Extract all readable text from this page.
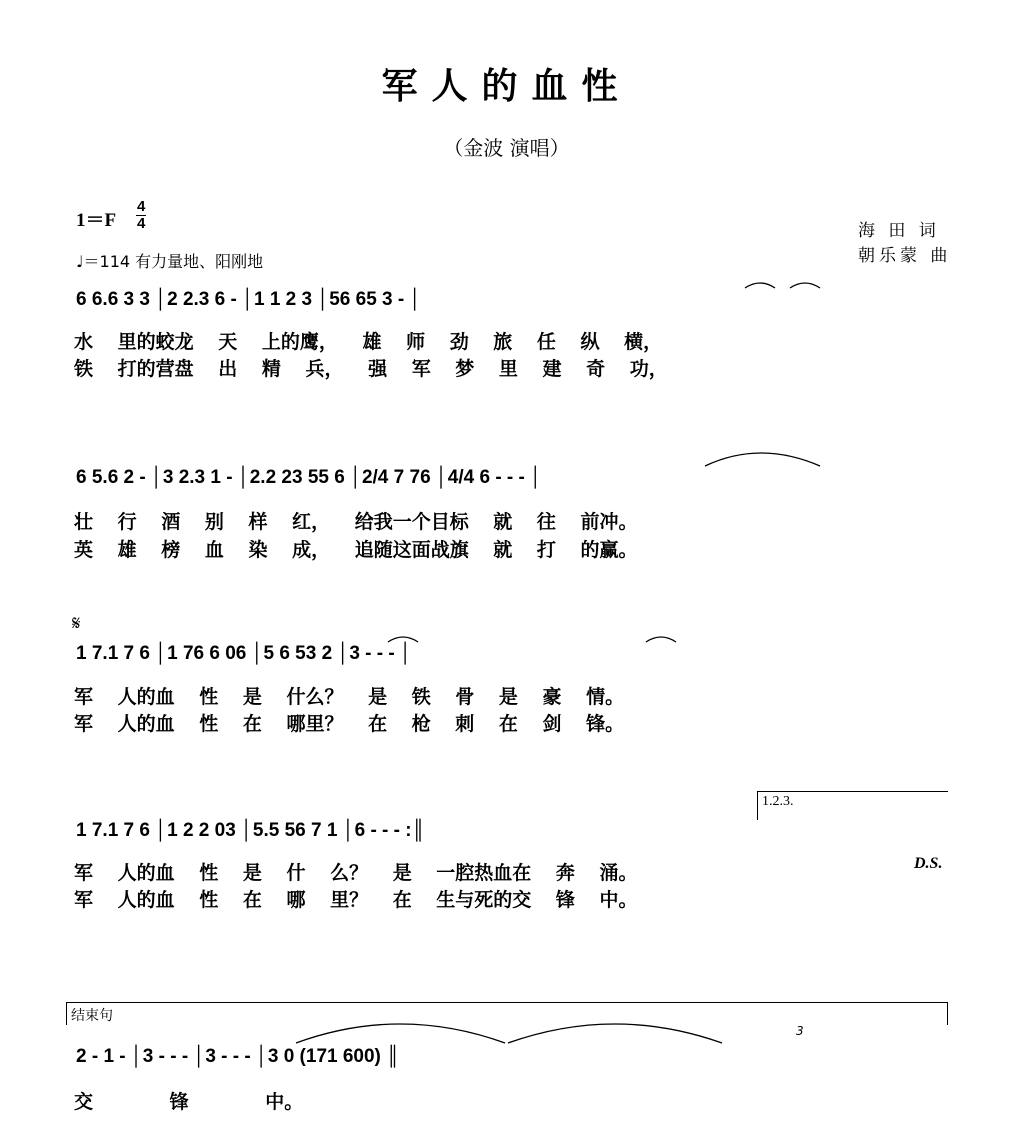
军人的血性
（金波 演唱）
$1=F \frac{4}{4}$
♩＝114 有力量地、阳刚地
海 田 词
朝乐蒙 曲
6 6.6 3 3 │2 2.3 6 - │1 1 2 3 │56 65 3 - │
水 里的蛟龙 天 上的鹰， 雄 师 劲 旅 任 纵 横，
铁 打的营盘 出 精 兵， 强 军 梦 里 建 奇 功，
6 5.6 2 - │3 2.3 1 - │2.2 23 55 6 │2/4 7 76 │4/4 6 - - - │
壮 行 酒 别 样 红， 给我一个目标 就 往 前冲。
英 雄 榜 血 染 成， 追随这面战旗 就 打 的赢。
𝄋
1 7.1 7 6 │1 76 6 06 │5 6 53 2 │3 - - - │
军 人的血 性 是 什么？ 是 铁 骨 是 豪 情。
军 人的血 性 在 哪里？ 在 枪 刺 在 剑 锋。
1.2.3.
1 7.1 7 6 │1 2 2 03 │5.5 56 7 1 │6 - - - :║
D.S.
军 人的血 性 是 什 么？ 是 一腔热血在 奔 涌。
军 人的血 性 在 哪 里？ 在 生与死的交 锋 中。
结束句
2 - 1 - │3 - - - │3 - - - │3 0 (171 600) ║
交 锋 中。
3
